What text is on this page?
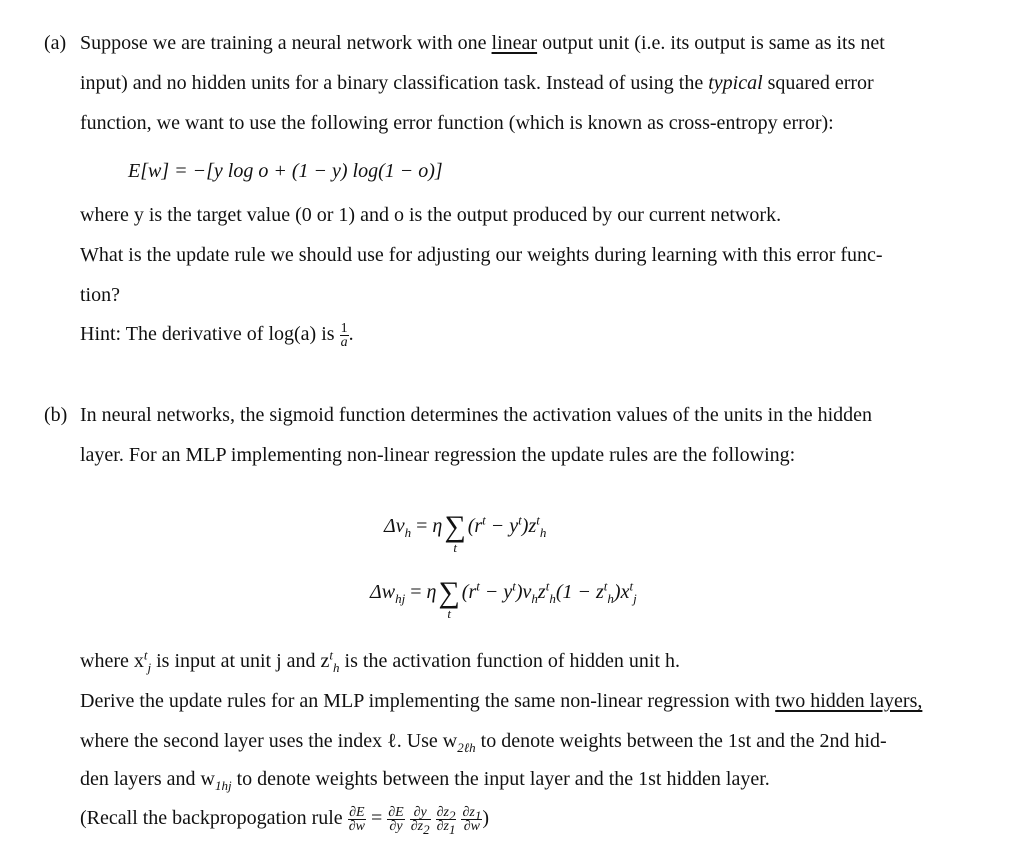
(a) Suppose we are training a neural network with one linear output unit (i.e. its output is same as its net
input) and no hidden units for a binary classification task. Instead of using the typical squared error
function, we want to use the following error function (which is known as cross-entropy error):
E[w] = −[y log o + (1 − y) log(1 − o)]
where y is the target value (0 or 1) and o is the output produced by our current network.
What is the update rule we should use for adjusting our weights during learning with this error func-
tion?
Hint: The derivative of log(a) is $\frac{1}{a}$ .
(b) In neural networks, the sigmoid function determines the activation values of the units in the hidden
layer. For an MLP implementing non-linear regression the update rules are the following:
$\Delta v_h = \eta\sum$
t
$(r^t - y^t)z^t_h$
$\Delta w_{hj} = \eta\sum$
t
$(r^t - y^t)v_hz^t_h(1 - z^t_h)x^t_j$
where $x^t_j$ is input at unit j and $z^t_h$ is the activation function of hidden unit h.
Derive the update rules for an MLP implementing the same non-linear regression with two hidden layers,
where the second layer uses the index ℓ. Use $w_{2\ell h}$ to denote weights between the 1st and the 2nd hid-
den layers and $w_{1hj}$ to denote weights between the input layer and the 1st hidden layer.
(Recall the backpropogation rule $\frac{\partial E}{\partial w} = \frac{\partial E}{\partial y}$
$\frac{\partial y}{\partial z_2}$
$\frac{\partial z_2}{\partial z_1}$
$\frac{\partial z_1}{\partial w}$ )
